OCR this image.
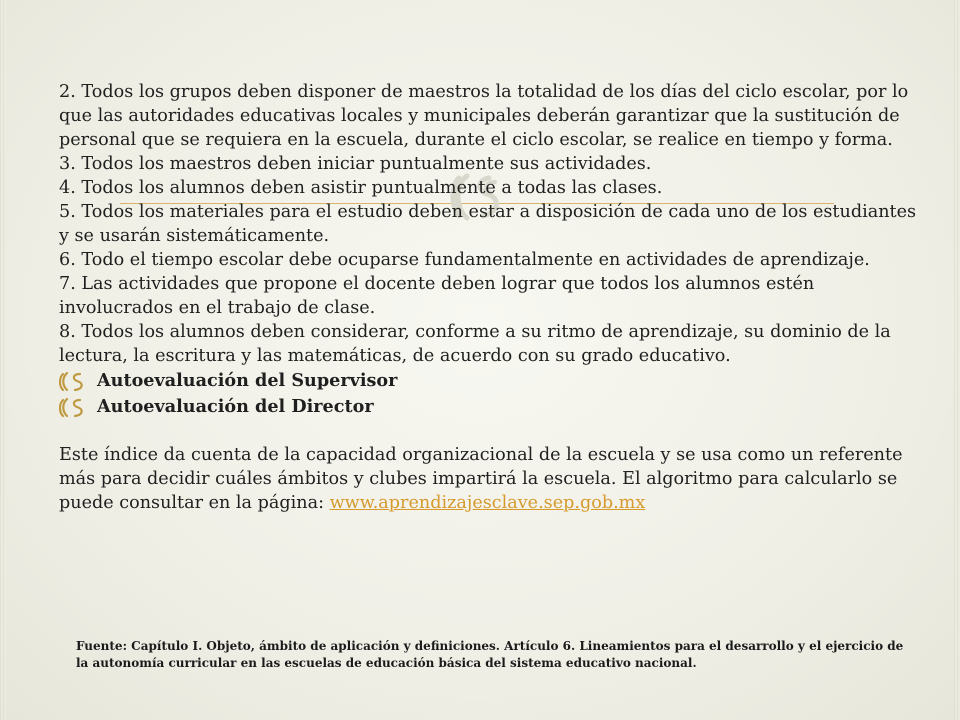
2. Todos los grupos deben disponer de maestros la totalidad de los días del ciclo escolar, por lo que las autoridades educativas locales y municipales deberán garantizar que la sustitución de personal que se requiera en la escuela, durante el ciclo escolar, se realice en tiempo y forma.

3. Todos los maestros deben iniciar puntualmente sus actividades.

4. Todos los alumnos deben asistir puntualmente a todas las clases.

5. Todos los materiales para el estudio deben estar a disposición de cada uno de los estudiantes y se usarán sistemáticamente.

6. Todo el tiempo escolar debe ocuparse fundamentalmente en actividades de aprendizaje.

7. Las actividades que propone el docente deben lograr que todos los alumnos estén involucrados en el trabajo de clase.

8. Todos los alumnos deben considerar, conforme a su ritmo de aprendizaje, su dominio de la lectura, la escritura y las matemáticas, de acuerdo con su grado educativo.

Autoevaluación del Supervisor
Autoevaluación del Director

Este índice da cuenta de la capacidad organizacional de la escuela y se usa como un referente más para decidir cuáles ámbitos y clubes impartirá la escuela. El algoritmo para calcularlo se puede consultar en la página: www.aprendizajesclave.sep.gob.mx

Fuente: Capítulo I. Objeto, ámbito de aplicación y definiciones. Artículo 6. Lineamientos para el desarrollo y el ejercicio de la autonomía curricular en las escuelas de educación básica del sistema educativo nacional.
